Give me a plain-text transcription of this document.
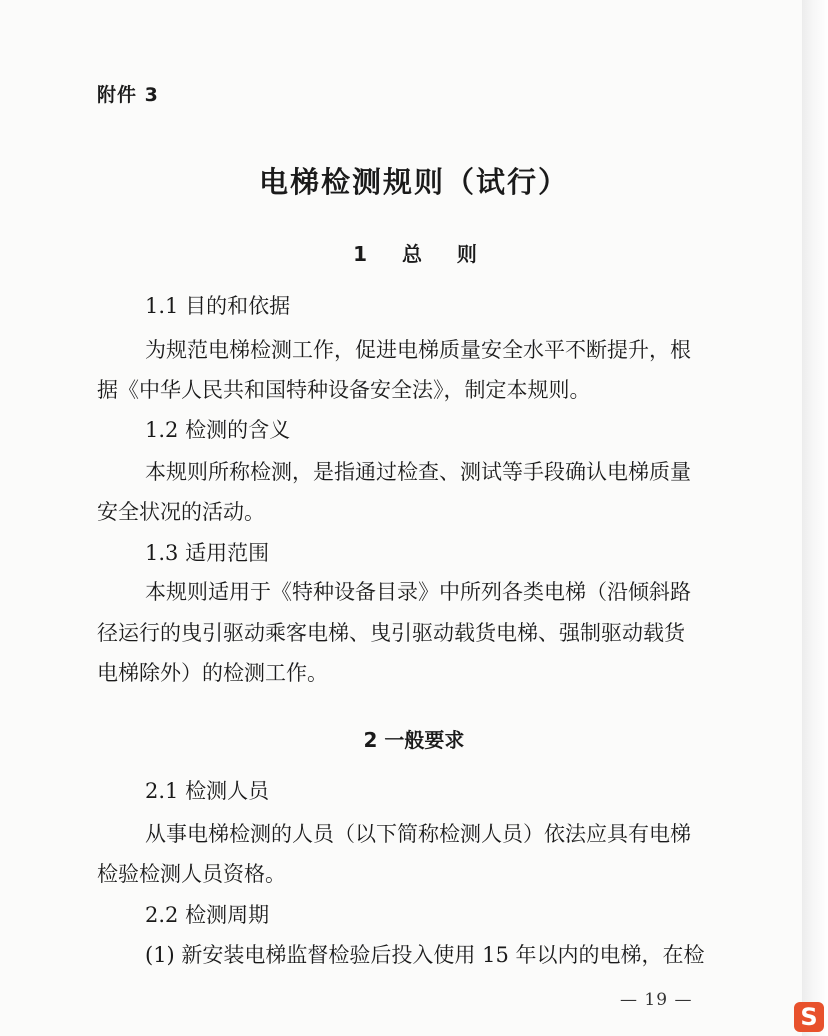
附件 3
电梯检测规则（试行）
1 总 则
1.1 目的和依据
为规范电梯检测工作，促进电梯质量安全水平不断提升，根
据《中华人民共和国特种设备安全法》，制定本规则。
1.2 检测的含义
本规则所称检测，是指通过检查、测试等手段确认电梯质量
安全状况的活动。
1.3 适用范围
本规则适用于《特种设备目录》中所列各类电梯（沿倾斜路
径运行的曳引驱动乘客电梯、曳引驱动载货电梯、强制驱动载货
电梯除外）的检测工作。
2 一般要求
2.1 检测人员
从事电梯检测的人员（以下简称检测人员）依法应具有电梯
检验检测人员资格。
2.2 检测周期
(1) 新安装电梯监督检验后投入使用 15 年以内的电梯，在检
— 19 —
S
